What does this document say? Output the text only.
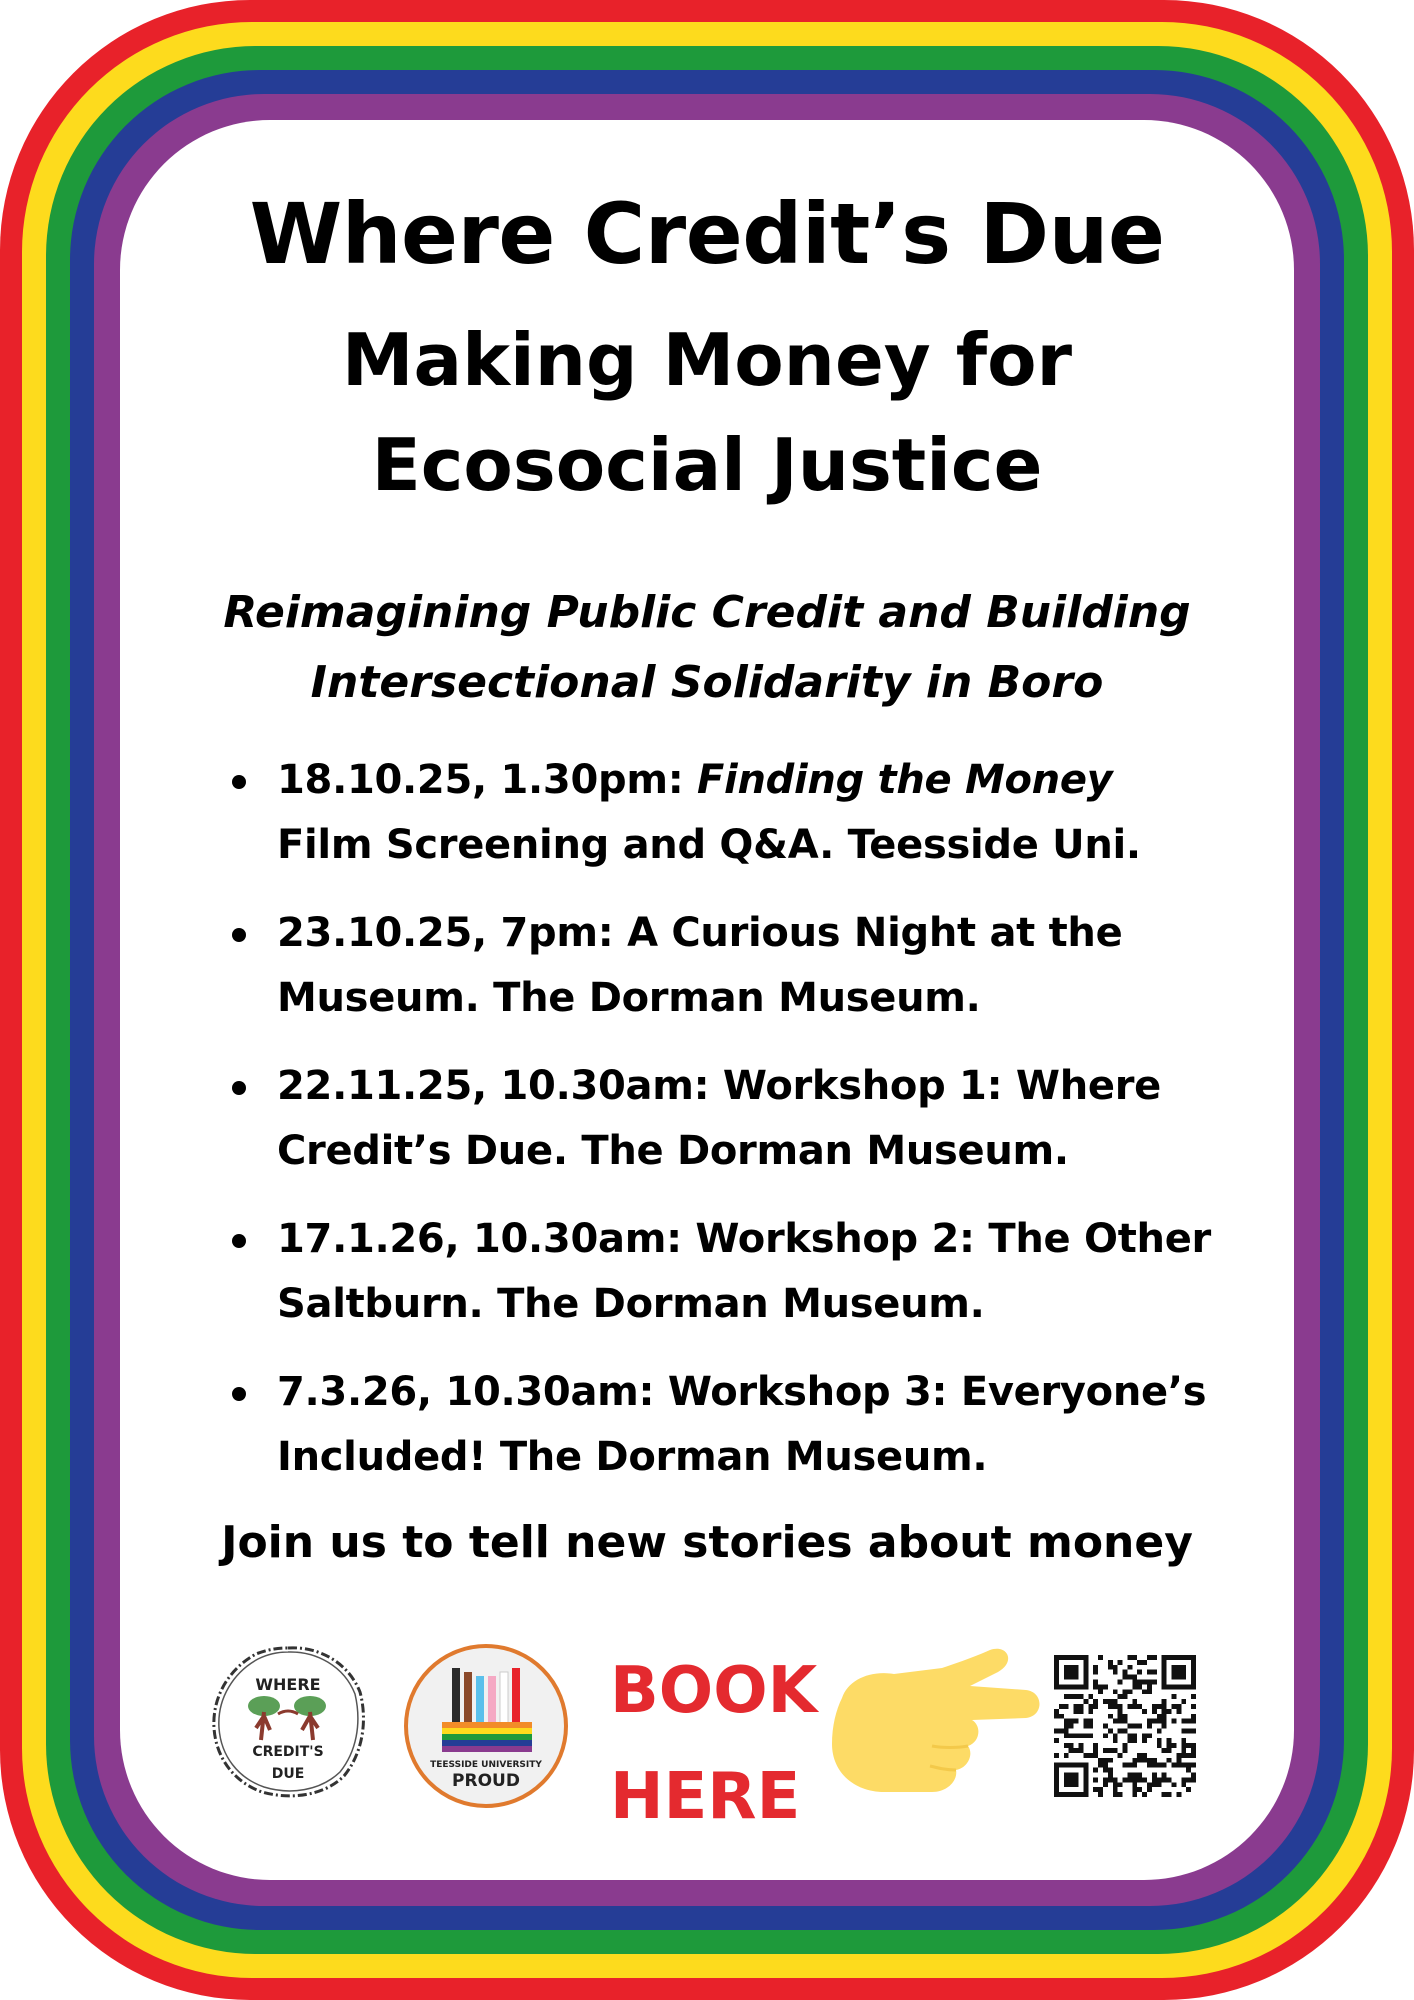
Where Credit’s Due
Making Money for
Ecosocial Justice

Reimagining Public Credit and Building
Intersectional Solidarity in Boro

18.10.25, 1.30pm: Finding the Money
Film Screening and Q&A. Teesside Uni.
23.10.25, 7pm: A Curious Night at the
Museum. The Dorman Museum.
22.11.25, 10.30am: Workshop 1: Where
Credit’s Due. The Dorman Museum.
17.1.26, 10.30am: Workshop 2: The Other
Saltburn. The Dorman Museum.
7.3.26, 10.30am: Workshop 3: Everyone’s
Included! The Dorman Museum.

Join us to tell new stories about money

WHERE
CREDIT'S
DUE
TEESSIDE UNIVERSITY
PROUD
BOOK
HERE
